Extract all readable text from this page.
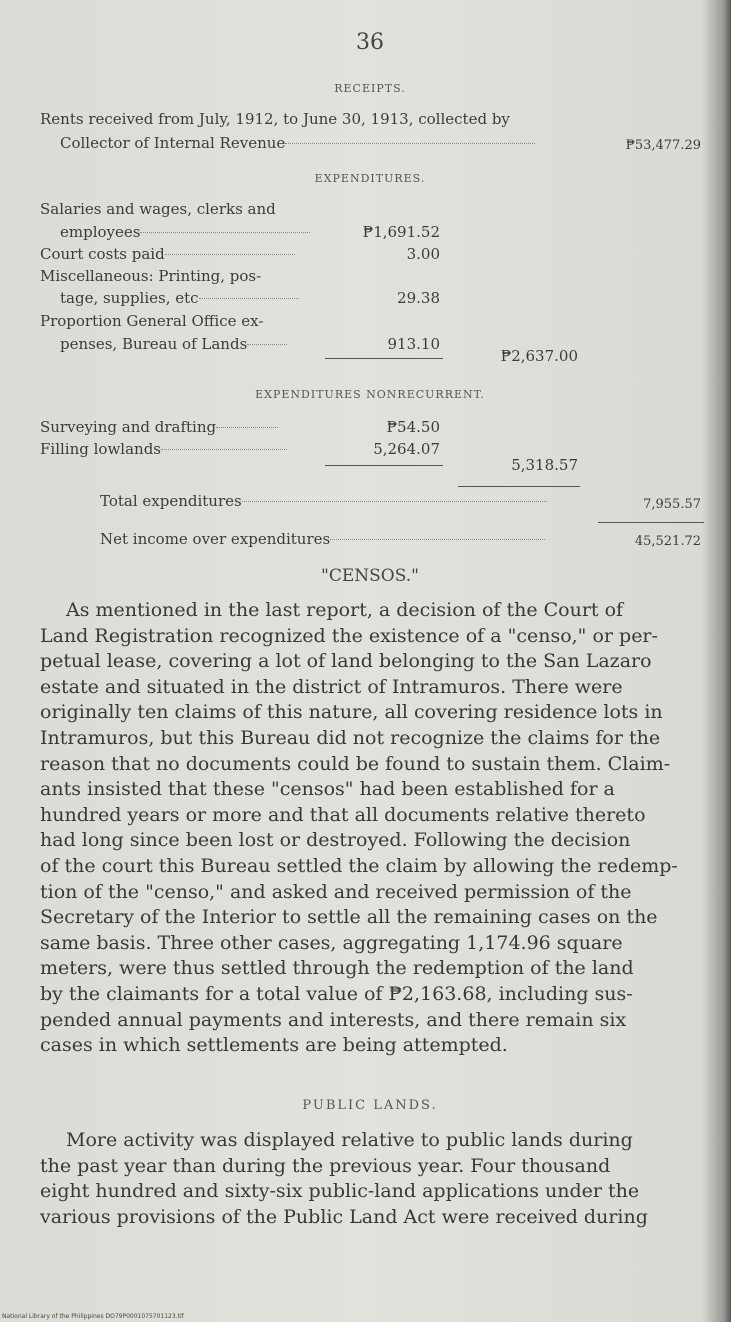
36
RECEIPTS.
Rents received from July, 1912, to June 30, 1913, collected by
Collector of Internal Revenue	₱53,477.29
EXPENDITURES.
Salaries and wages, clerks and
employees	₱1,691.52
Court costs paid	3.00
Miscellaneous: Printing, pos-
tage, supplies, etc	29.38
Proportion General Office ex-
penses, Bureau of Lands	913.10
₱2,637.00
EXPENDITURES NONRECURRENT.
Surveying and drafting	₱54.50
Filling lowlands	5,264.07
5,318.57
Total expenditures	7,955.57
Net income over expenditures	45,521.72
"CENSOS."
As mentioned in the last report, a decision of the Court of
Land Registration recognized the existence of a "censo," or per-
petual lease, covering a lot of land belonging to the San Lazaro
estate and situated in the district of Intramuros. There were
originally ten claims of this nature, all covering residence lots in
Intramuros, but this Bureau did not recognize the claims for the
reason that no documents could be found to sustain them. Claim-
ants insisted that these "censos" had been established for a
hundred years or more and that all documents relative thereto
had long since been lost or destroyed. Following the decision
of the court this Bureau settled the claim by allowing the redemp-
tion of the "censo," and asked and received permission of the
Secretary of the Interior to settle all the remaining cases on the
same basis. Three other cases, aggregating 1,174.96 square
meters, were thus settled through the redemption of the land
by the claimants for a total value of ₱2,163.68, including sus-
pended annual payments and interests, and there remain six
cases in which settlements are being attempted.
PUBLIC LANDS.
More activity was displayed relative to public lands during
the past year than during the previous year. Four thousand
eight hundred and sixty-six public-land applications under the
various provisions of the Public Land Act were received during
National Library of the Philippines DO79P0001075701123.tif
